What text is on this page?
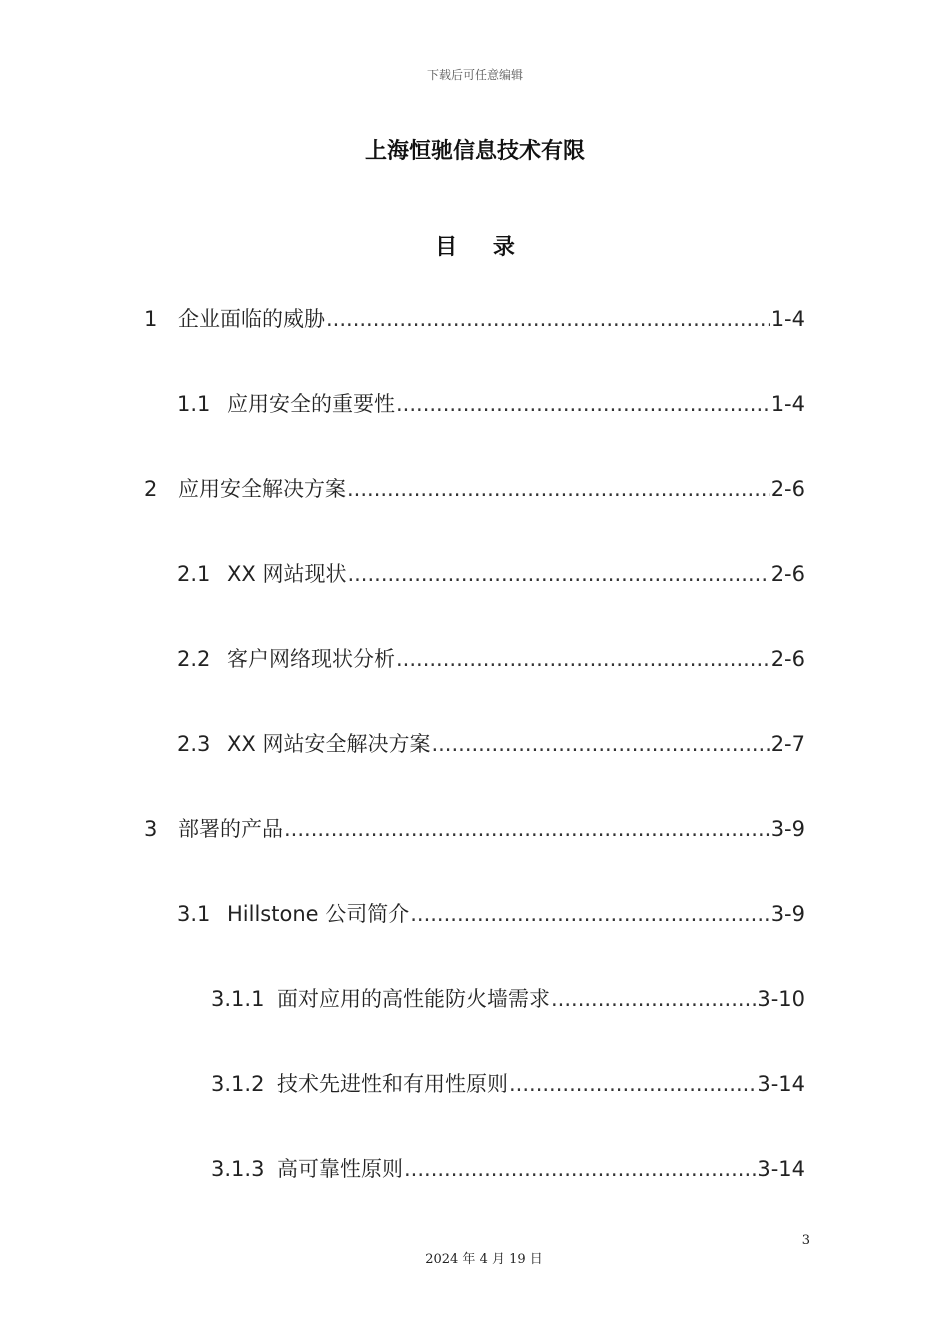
下载后可任意编辑
上海恒驰信息技术有限
目 录
1 企业面临的威胁 .....	1-4
1.1 应用安全的重要性 .....	1-4
2 应用安全解决方案 .....	2-6
2.1 XX 网站现状 .....	2-6
2.2 客户网络现状分析 .....	2-6
2.3 XX 网站安全解决方案 .....	2-7
3 部署的产品 .....	3-9
3.1 Hillstone 公司简介 .....	3-9
3.1.1 面对应用的高性能防火墙需求 .....	3-10
3.1.2 技术先进性和有用性原则 .....	3-14
3.1.3 高可靠性原则 .....	3-14
3
2024 年 4 月 19 日
